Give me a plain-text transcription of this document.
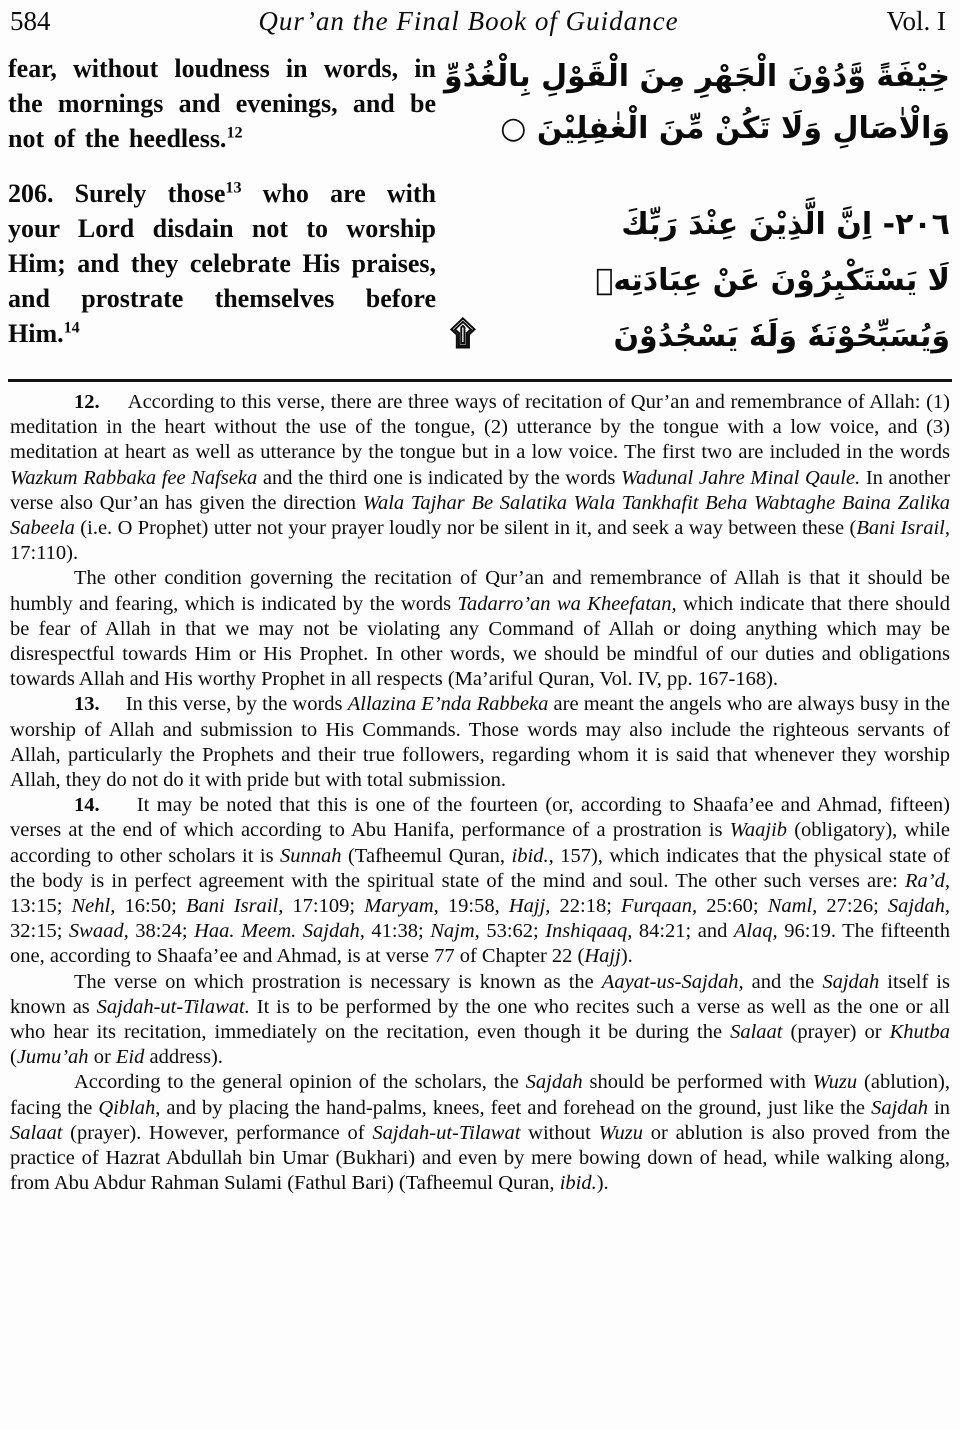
584	Qur’an the Final Book of Guidance	Vol. I

fear, without loudness in words, in the mornings and evenings, and be not of the heedless.$^{12}$

206. Surely those$^{13}$ who are with your Lord disdain not to worship Him; and they celebrate His praises, and prostrate themselves before Him.$^{14}$

خِيْفَةً وَّدُوْنَ الْجَهْرِ مِنَ الْقَوْلِ بِالْغُدُوِّ
وَالْاٰصَالِ وَلَا تَكُنْ مِّنَ الْغٰفِلِيْنَ ○
٢٠٦- اِنَّ الَّذِيْنَ عِنْدَ رَبِّكَ
لَا يَسْتَكْبِرُوْنَ عَنْ عِبَادَتِهٖ
وَيُسَبِّحُوْنَهٗ وَلَهٗ يَسْجُدُوْنَ
۩

12.     According to this verse, there are three ways of recitation of Qur’an and remembrance of Allah: (1) meditation in the heart without the use of the tongue, (2) utterance by the tongue with a low voice, and (3) meditation at heart as well as utterance by the tongue but in a low voice. The first two are included in the words Wazkum Rabbaka fee Nafseka and the third one is indicated by the words Wadunal Jahre Minal Qaule. In another verse also Qur’an has given the direction Wala Tajhar Be Salatika Wala Tankhafit Beha Wabtaghe Baina Zalika Sabeela (i.e. O Prophet) utter not your prayer loudly nor be silent in it, and seek a way between these (Bani Israil, 17:110).

The other condition governing the recitation of Qur’an and remembrance of Allah is that it should be humbly and fearing, which is indicated by the words Tadarro’an wa Kheefatan, which indicate that there should be fear of Allah in that we may not be violating any Command of Allah or doing anything which may be disrespectful towards Him or His Prophet. In other words, we should be mindful of our duties and obligations towards Allah and His worthy Prophet in all respects (Ma’ariful Quran, Vol. IV, pp. 167-168).

13.     In this verse, by the words Allazina E’nda Rabbeka are meant the angels who are always busy in the worship of Allah and submission to His Commands. Those words may also include the righteous servants of Allah, particularly the Prophets and their true followers, regarding whom it is said that whenever they worship Allah, they do not do it with pride but with total submission.

14.     It may be noted that this is one of the fourteen (or, according to Shaafa’ee and Ahmad, fifteen) verses at the end of which according to Abu Hanifa, performance of a prostration is Waajib (obligatory), while according to other scholars it is Sunnah (Tafheemul Quran, ibid., 157), which indicates that the physical state of the body is in perfect agreement with the spiritual state of the mind and soul. The other such verses are: Ra’d, 13:15; Nehl, 16:50; Bani Israil, 17:109; Maryam, 19:58, Hajj, 22:18; Furqaan, 25:60; Naml, 27:26; Sajdah, 32:15; Swaad, 38:24; Haa. Meem. Sajdah, 41:38; Najm, 53:62; Inshiqaaq, 84:21; and Alaq, 96:19. The fifteenth one, according to Shaafa’ee and Ahmad, is at verse 77 of Chapter 22 (Hajj).

The verse on which prostration is necessary is known as the Aayat-us-Sajdah, and the Sajdah itself is known as Sajdah-ut-Tilawat. It is to be performed by the one who recites such a verse as well as the one or all who hear its recitation, immediately on the recitation, even though it be during the Salaat (prayer) or Khutba (Jumu’ah or Eid address).

According to the general opinion of the scholars, the Sajdah should be performed with Wuzu (ablution), facing the Qiblah, and by placing the hand-palms, knees, feet and forehead on the ground, just like the Sajdah in Salaat (prayer). However, performance of Sajdah-ut-Tilawat without Wuzu or ablution is also proved from the practice of Hazrat Abdullah bin Umar (Bukhari) and even by mere bowing down of head, while walking along, from Abu Abdur Rahman Sulami (Fathul Bari) (Tafheemul Quran, ibid.).
